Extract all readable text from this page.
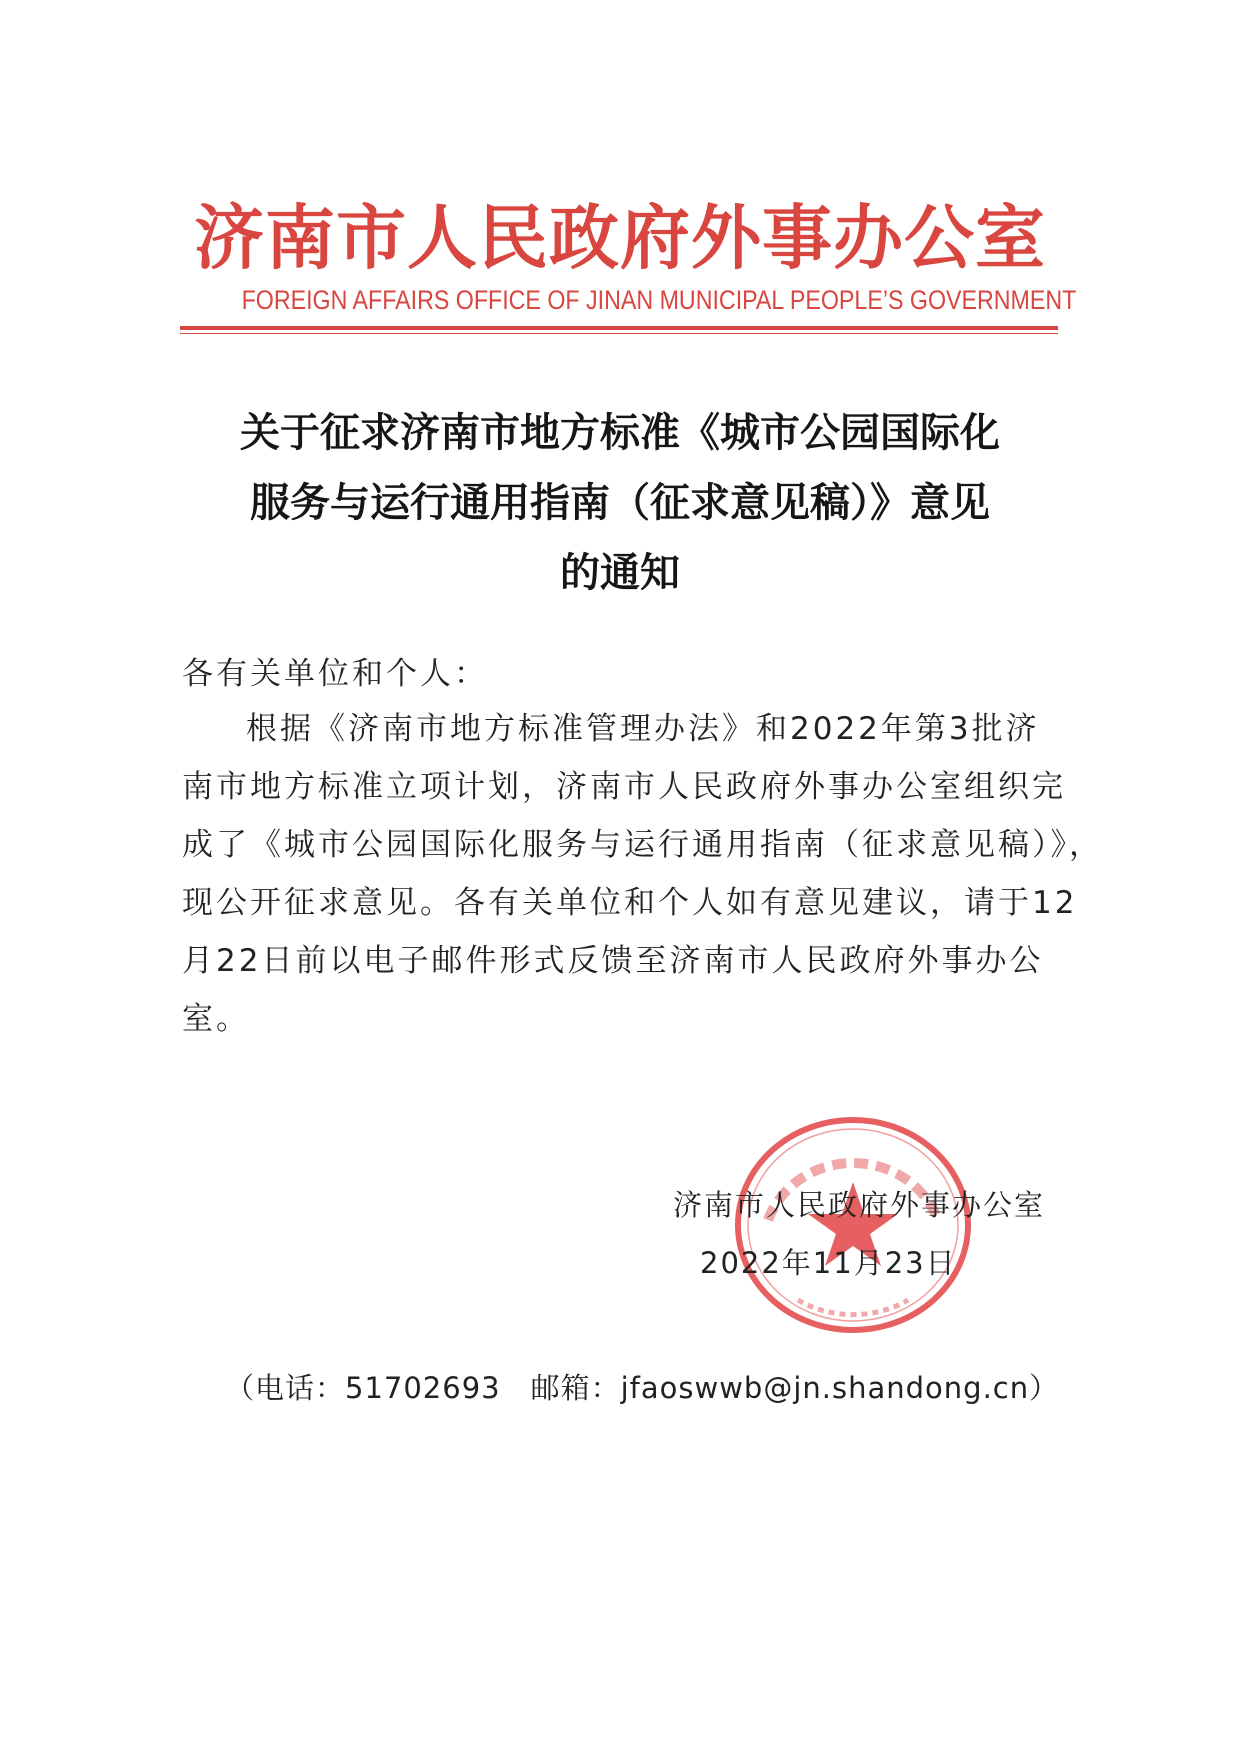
济南市人民政府外事办公室
FOREIGN AFFAIRS OFFICE OF JINAN MUNICIPAL PEOPLE’S GOVERNMENT
关于征求济南市地方标准《城市公园国际化
服务与运行通用指南（征求意见稿）》意见
的通知
各有关单位和个人：
根据《济南市地方标准管理办法》和2022年第3批济
南市地方标准立项计划，济南市人民政府外事办公室组织完
成了《城市公园国际化服务与运行通用指南（征求意见稿）》，
现公开征求意见。各有关单位和个人如有意见建议，请于12
月22日前以电子邮件形式反馈至济南市人民政府外事办公
室。
济南市人民政府外事办公室
2022年11月23日
（电话：51702693　邮箱：jfaoswwb@jn.shandong.cn）
